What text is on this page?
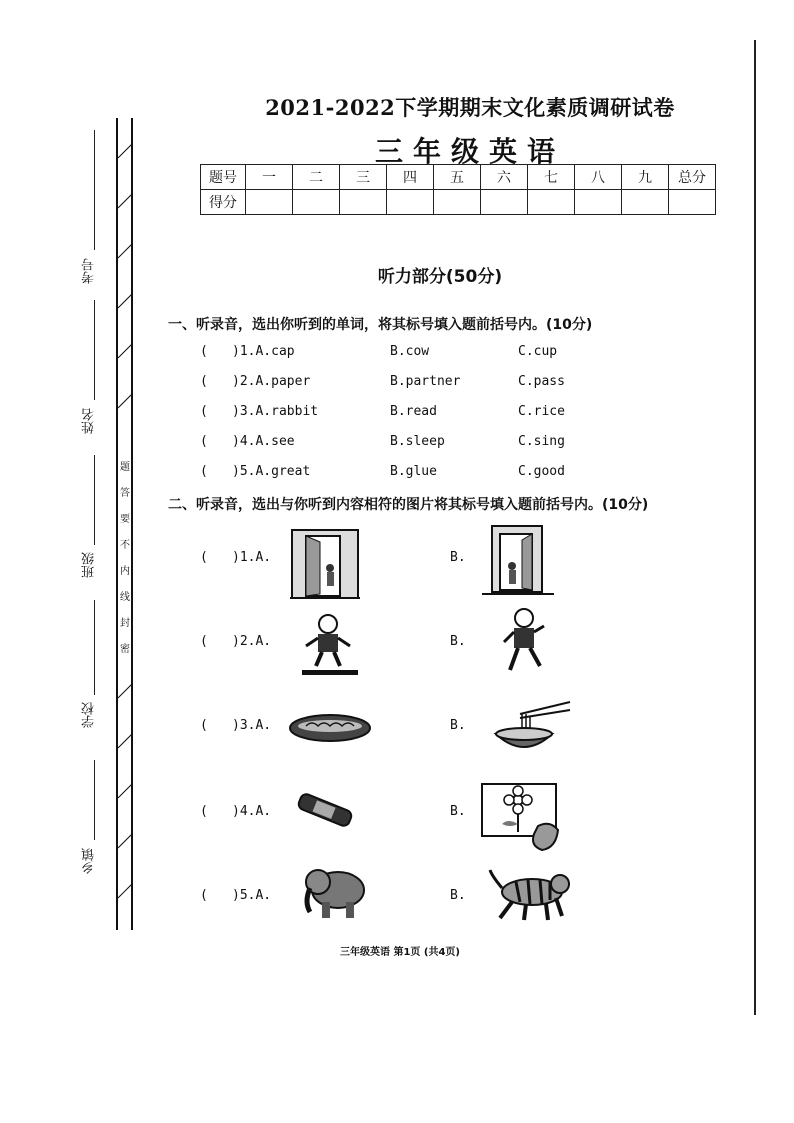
题
答
要
不
内
线
封
密
考号
姓名
班级
学校
乡镇
2021-2022下学期期末文化素质调研试卷
三年级英语
题号	一	二	三	四	五	六	七	八	九	总分
得分										
听力部分(50分)
一、听录音，选出你听到的单词，将其标号填入题前括号内。(10分)
( )1.A.cap	B.cow	C.cup
( )2.A.paper	B.partner	C.pass
( )3.A.rabbit	B.read	C.rice
( )4.A.see	B.sleep	C.sing
( )5.A.great	B.glue	C.good
二、听录音，选出与你听到内容相符的图片将其标号填入题前括号内。(10分)
( )1.A.	B.
( )2.A.	B.
( )3.A.	B.
( )4.A.	B.
( )5.A.	B.
三年级英语 第1页 (共4页)
